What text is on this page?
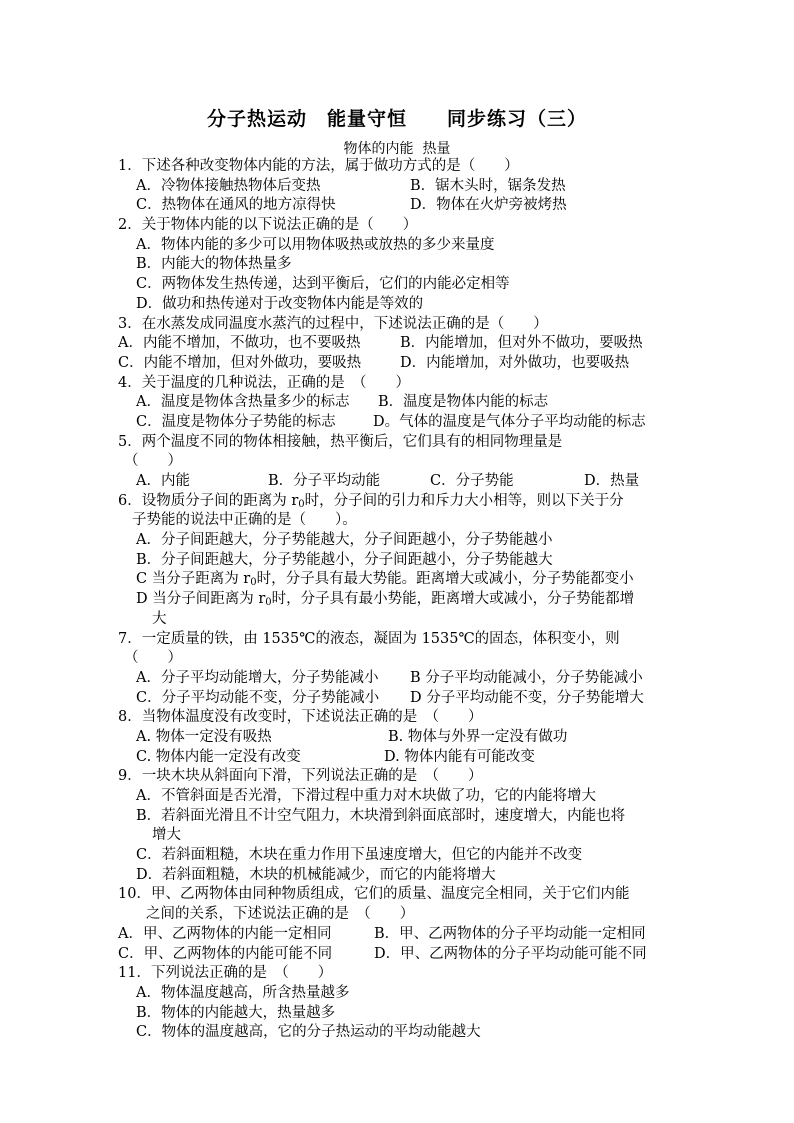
分子热运动　能量守恒　　同步练习（三）
物体的内能  热量
1．下述各种改变物体内能的方法，属于做功方式的是（　　）
A．冷物体接触热物体后变热	B．锯木头时，锯条发热
C．热物体在通风的地方凉得快	D．物体在火炉旁被烤热
2．关于物体内能的以下说法正确的是（　　）
A．物体内能的多少可以用物体吸热或放热的多少来量度
B．内能大的物体热量多
C．两物体发生热传递，达到平衡后，它们的内能必定相等
D．做功和热传递对于改变物体内能是等效的
3．在水蒸发成同温度水蒸汽的过程中，下述说法正确的是（　　）
A．内能不增加，不做功，也不要吸热	B．内能增加，但对外不做功，要吸热
C．内能不增加，但对外做功，要吸热	D．内能增加，对外做功，也要吸热
4．关于温度的几种说法，正确的是　（　　）
A．温度是物体含热量多少的标志 B．温度是物体内能的标志
C．温度是物体分子势能的标志	D。气体的温度是气体分子平均动能的标志
5．两个温度不同的物体相接触，热平衡后，它们具有的相同物理量是
（　　）
A．内能	B．分子平均动能	C．分子势能	D．热量
6．设物质分子间的距离为 $r_0$时，分子间的引力和斥力大小相等，则以下关于分
子势能的说法中正确的是（　　）。
A．分子间距越大，分子势能越大，分子间距越小，分子势能越小
B．分子间距越大，分子势能越小，分子间距越小，分子势能越大
C 当分子距离为 $r_0$时，分子具有最大势能。距离增大或减小，分子势能都变小
D 当分子间距离为 $r_0$时，分子具有最小势能，距离增大或减小，分子势能都增
大
7．一定质量的铁，由 1535℃的液态，凝固为 1535℃的固态，体积变小，则
（　　）
A．分子平均动能增大，分子势能减小 B 分子平均动能减小，分子势能减小
C．分子平均动能不变，分子势能减小 D 分子平均动能不变，分子势能增大
8．当物体温度没有改变时，下述说法正确的是　（　　）
A. 物体一定没有吸热	B. 物体与外界一定没有做功
C. 物体内能一定没有改变	D. 物体内能有可能改变
9．一块木块从斜面向下滑，下列说法正确的是　（　　）
A．不管斜面是否光滑，下滑过程中重力对木块做了功，它的内能将增大
B．若斜面光滑且不计空气阻力，木块滑到斜面底部时，速度增大，内能也将
增大
C．若斜面粗糙，木块在重力作用下虽速度增大，但它的内能并不改变
D．若斜面粗糙，木块的机械能减少，而它的内能将增大
10．甲、乙两物体由同种物质组成，它们的质量、温度完全相同，关于它们内能
之间的关系，下述说法正确的是　（　　）
A．甲、乙两物体的内能一定相同	B．甲、乙两物体的分子平均动能一定相同
C．甲、乙两物体的内能可能不同	D．甲、乙两物体的分子平均动能可能不同
11．下列说法正确的是　（　　）
A．物体温度越高，所含热量越多
B．物体的内能越大，热量越多
C．物体的温度越高，它的分子热运动的平均动能越大
